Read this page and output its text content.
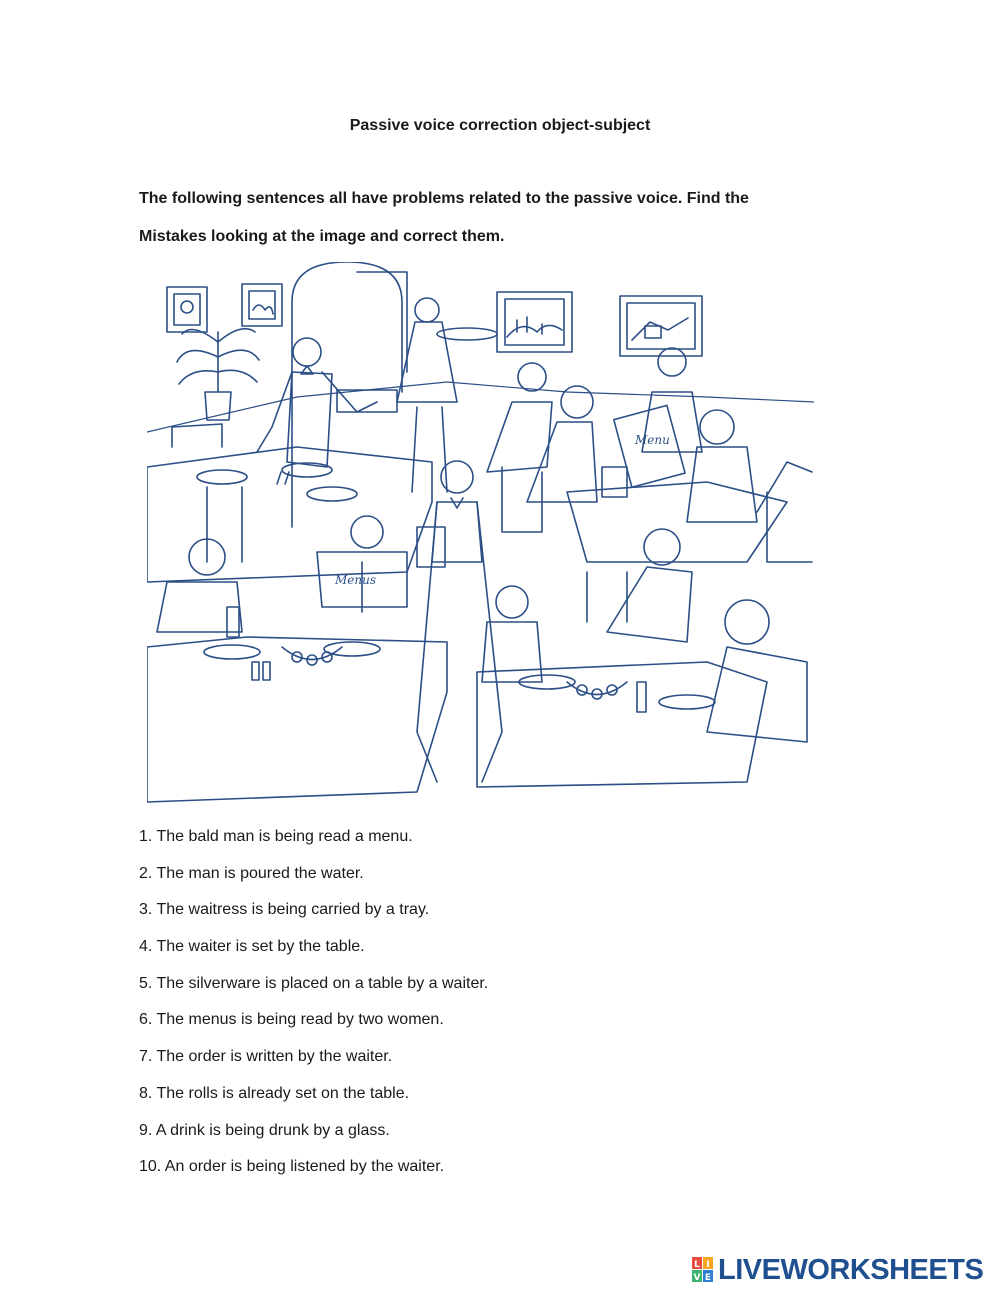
Passive voice correction object-subject
The following sentences all have problems related to the passive voice. Find the
Mistakes looking at the image and correct them.
Menus
Menu
1. The bald man is being read a menu.
2. The man is poured the water.
3. The waitress is being carried by a tray.
4. The waiter is set by the table.
5. The silverware is placed on a table by a waiter.
6. The menus is being read by two women.
7. The order is written by the waiter.
8. The rolls is already set on the table.
9. A drink is being drunk by a glass.
10. An order is being listened by the waiter.
L I
V E LIVEWORKSHEETS
